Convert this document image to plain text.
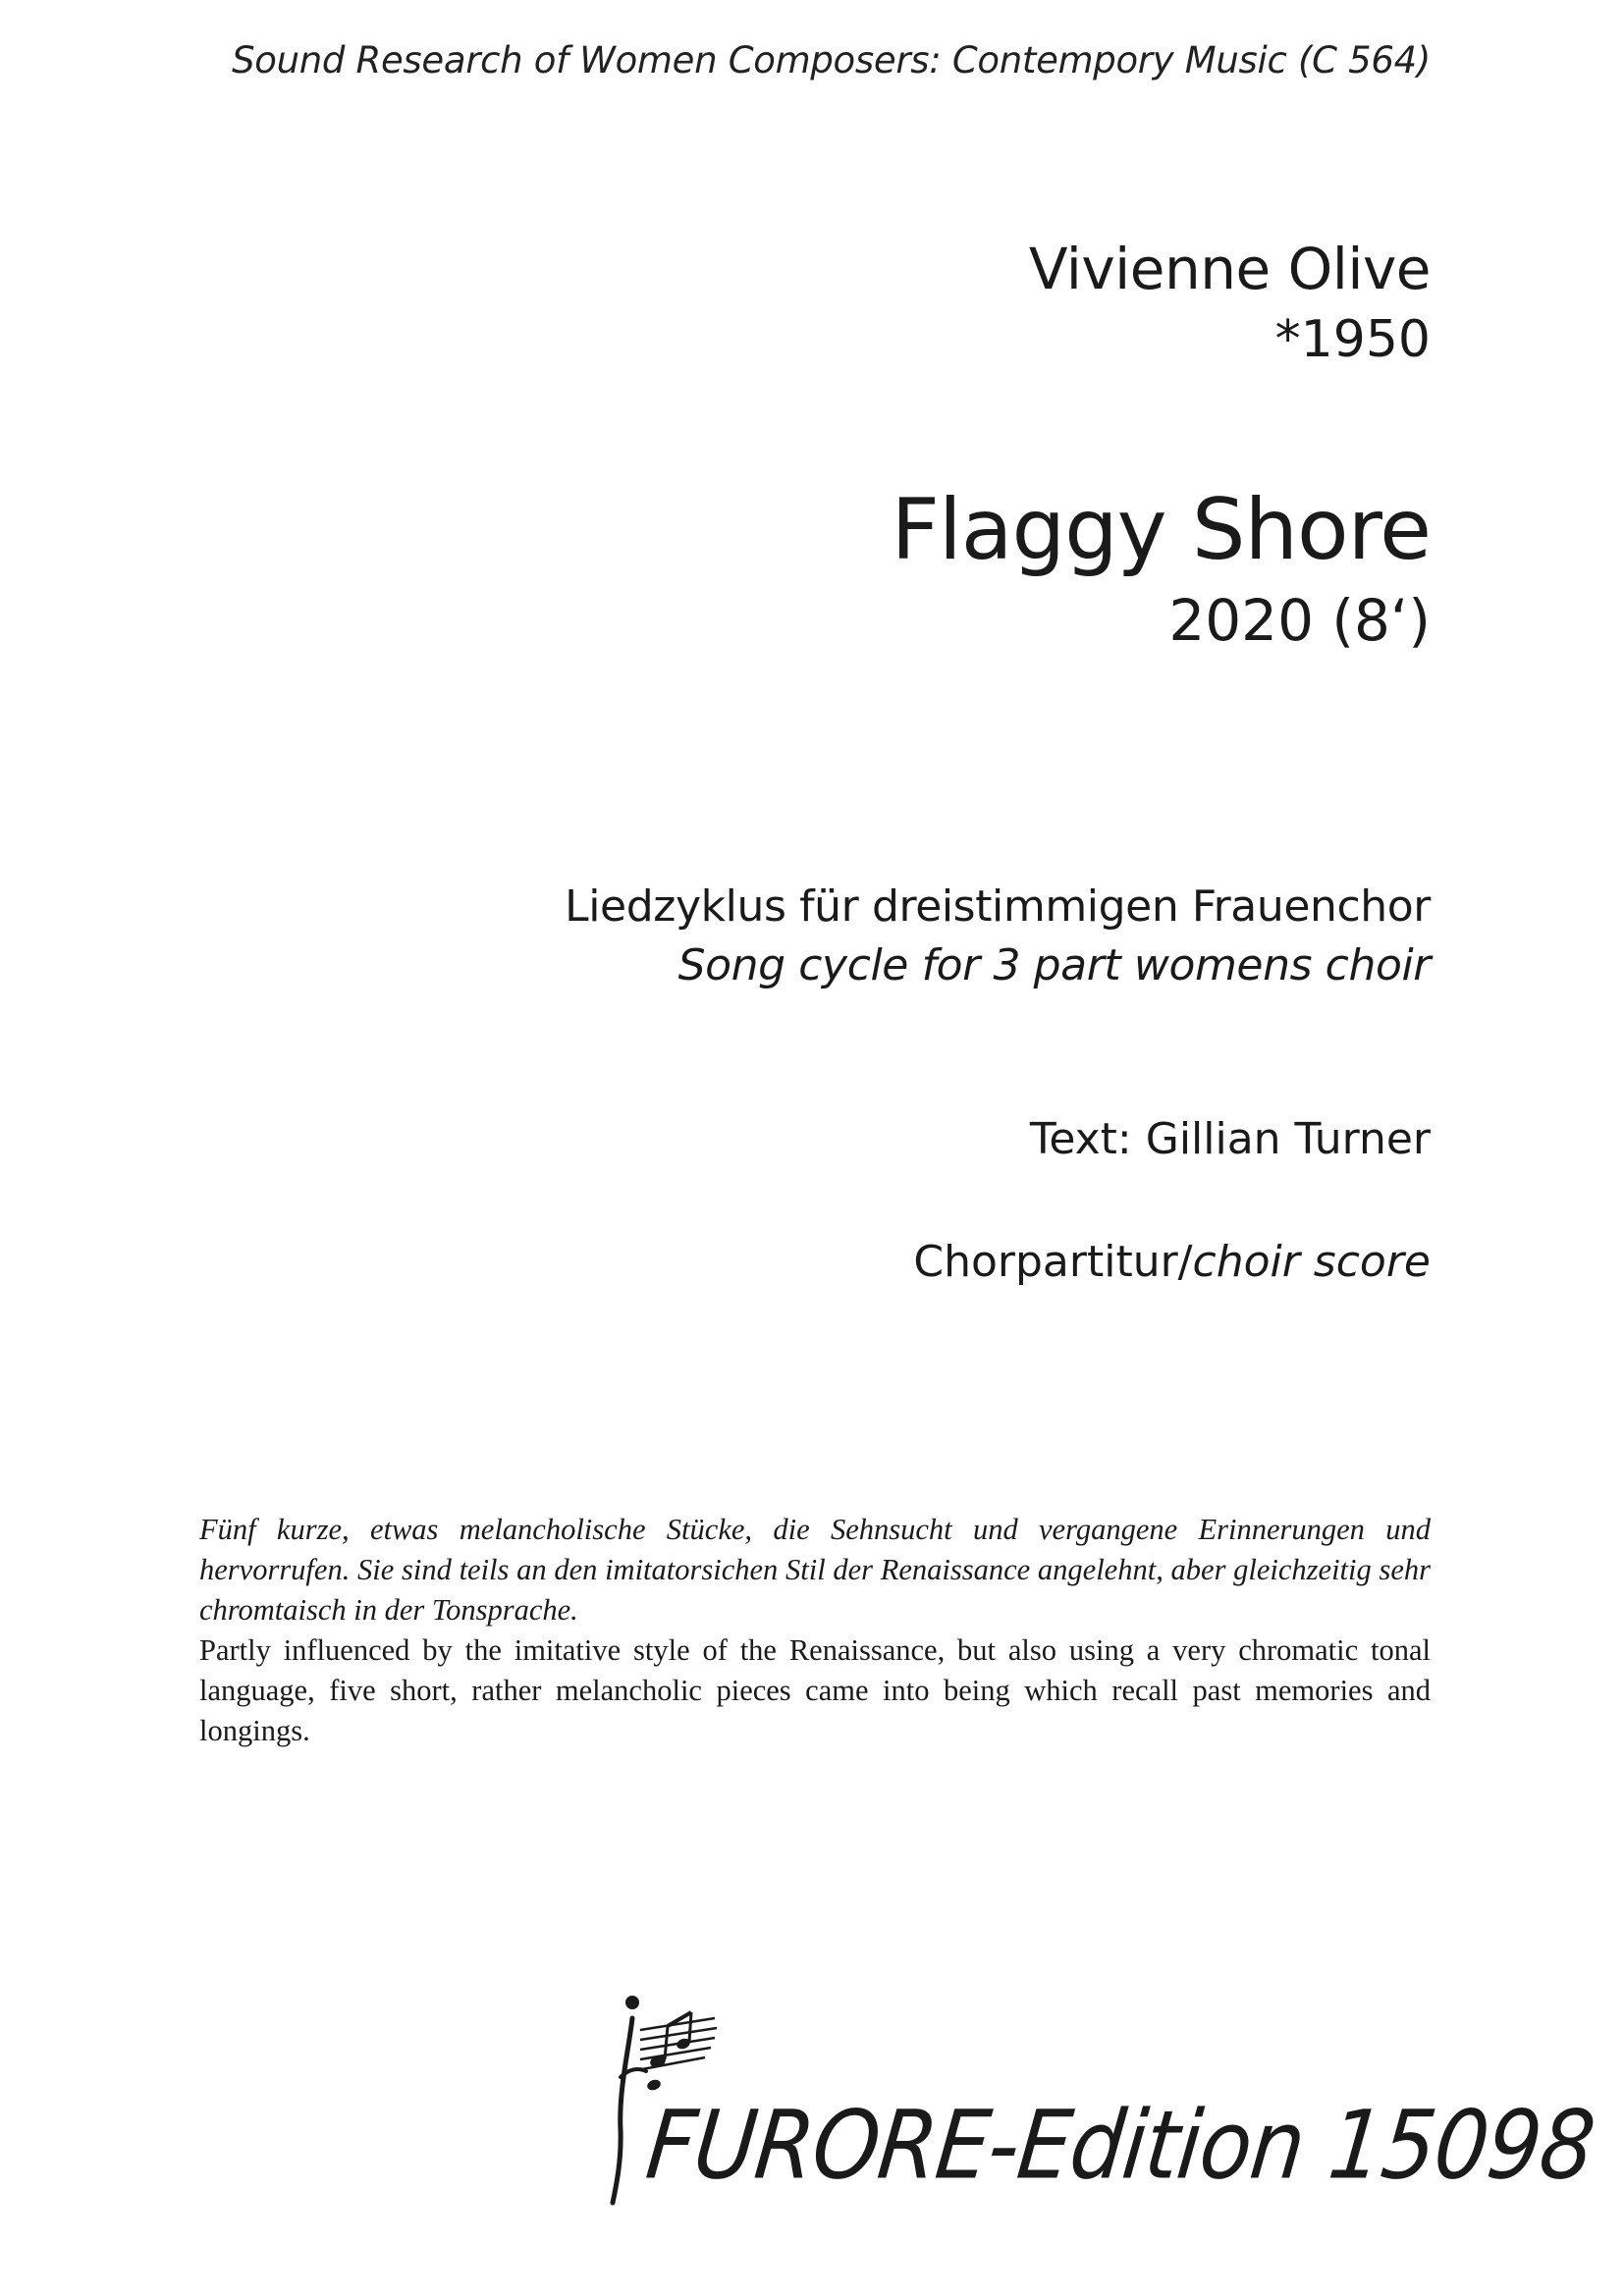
Sound Research of Women Composers: Contempory Music (C 564)
Vivienne Olive
*1950
Flaggy Shore
2020 (8‘)
Liedzyklus für dreistimmigen Frauenchor
Song cycle for 3 part womens choir
Text: Gillian Turner
Chorpartitur/choir score

Fünf kurze, etwas melancholische Stücke, die Sehnsucht und vergangene Erinnerungen und hervorrufen. Sie sind teils an den imitatorsichen Stil der Renaissance angelehnt, aber gleichzeitig sehr chromtaisch in der Tonsprache.

Partly influenced by the imitative style of the Renaissance, but also using a very chromatic tonal language, five short, rather melancholic pieces came into being which recall past memories and longings.

FURORE-Edition 15098
